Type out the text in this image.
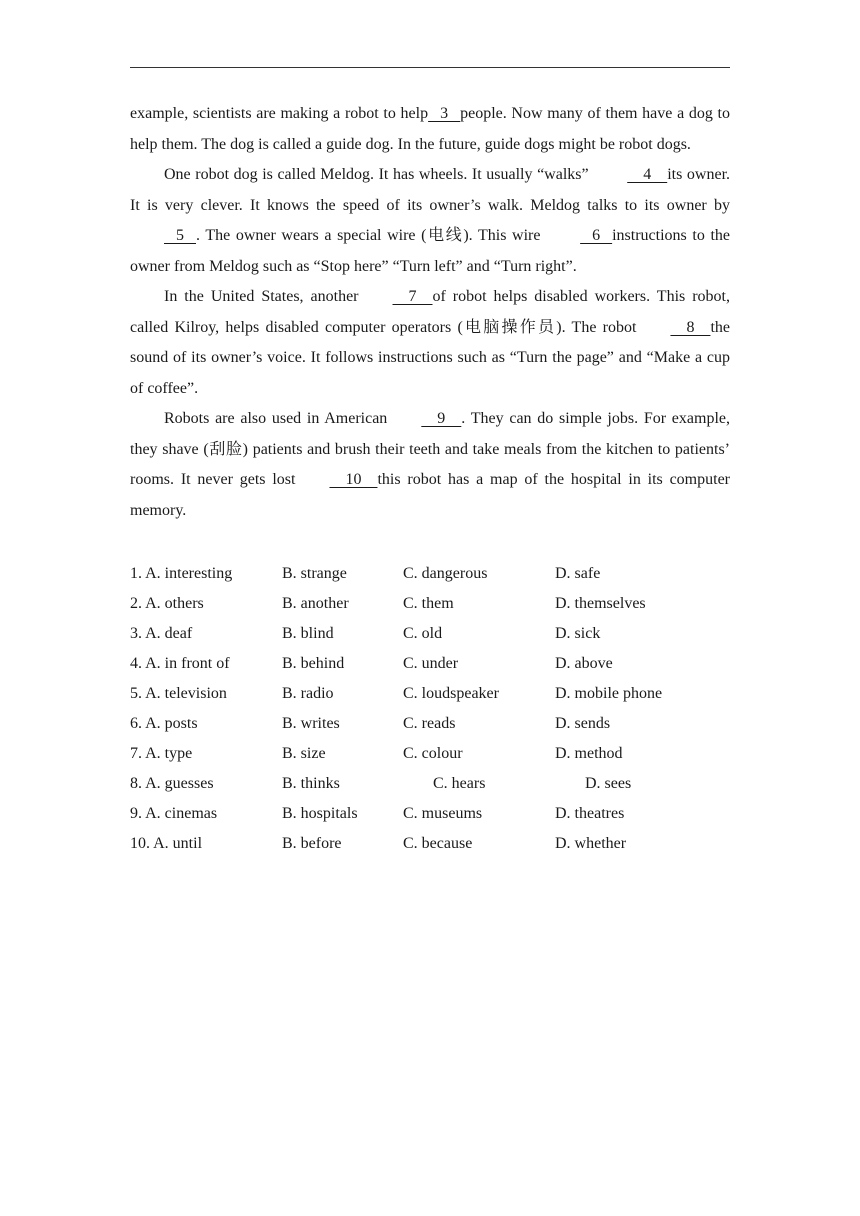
example, scientists are making a robot to help   3   people. Now many of them have a dog to help them. The dog is called a guide dog. In the future, guide dogs might be robot dogs.

One robot dog is called Meldog. It has wheels. It usually “walks”     4    its owner. It is very clever. It knows the speed of its owner’s walk. Meldog talks to its owner by   5   . The owner wears a special wire (电线). This wire    6   instructions to the owner from Meldog such as “Stop here” “Turn left” and “Turn right”.

In the United States, another    7    of robot helps disabled workers. This robot, called Kilroy, helps disabled computer operators (电脑操作员). The robot    8    the sound of its owner’s voice. It follows instructions such as “Turn the page” and “Make a cup of coffee”.

Robots are also used in American    9    . They can do simple jobs. For example, they shave (刮脸) patients and brush their teeth and take meals from the kitchen to patients’ rooms. It never gets lost    10    this robot has a map of the hospital in its computer memory.

1. A. interesting	B. strange	C. dangerous	D. safe
2. A. others	B. another	C. them	D. themselves
3. A. deaf	B. blind	C. old	D. sick
4. A. in front of	B. behind	C. under	D. above
5. A. television	B. radio	C. loudspeaker	D. mobile phone
6. A. posts	B. writes	C. reads	D. sends
7. A. type	B. size	C. colour	D. method
8. A. guesses	B. thinks	C. hears	D. sees
9. A. cinemas	B. hospitals	C. museums	D. theatres
10. A. until	B. before	C. because	D. whether
